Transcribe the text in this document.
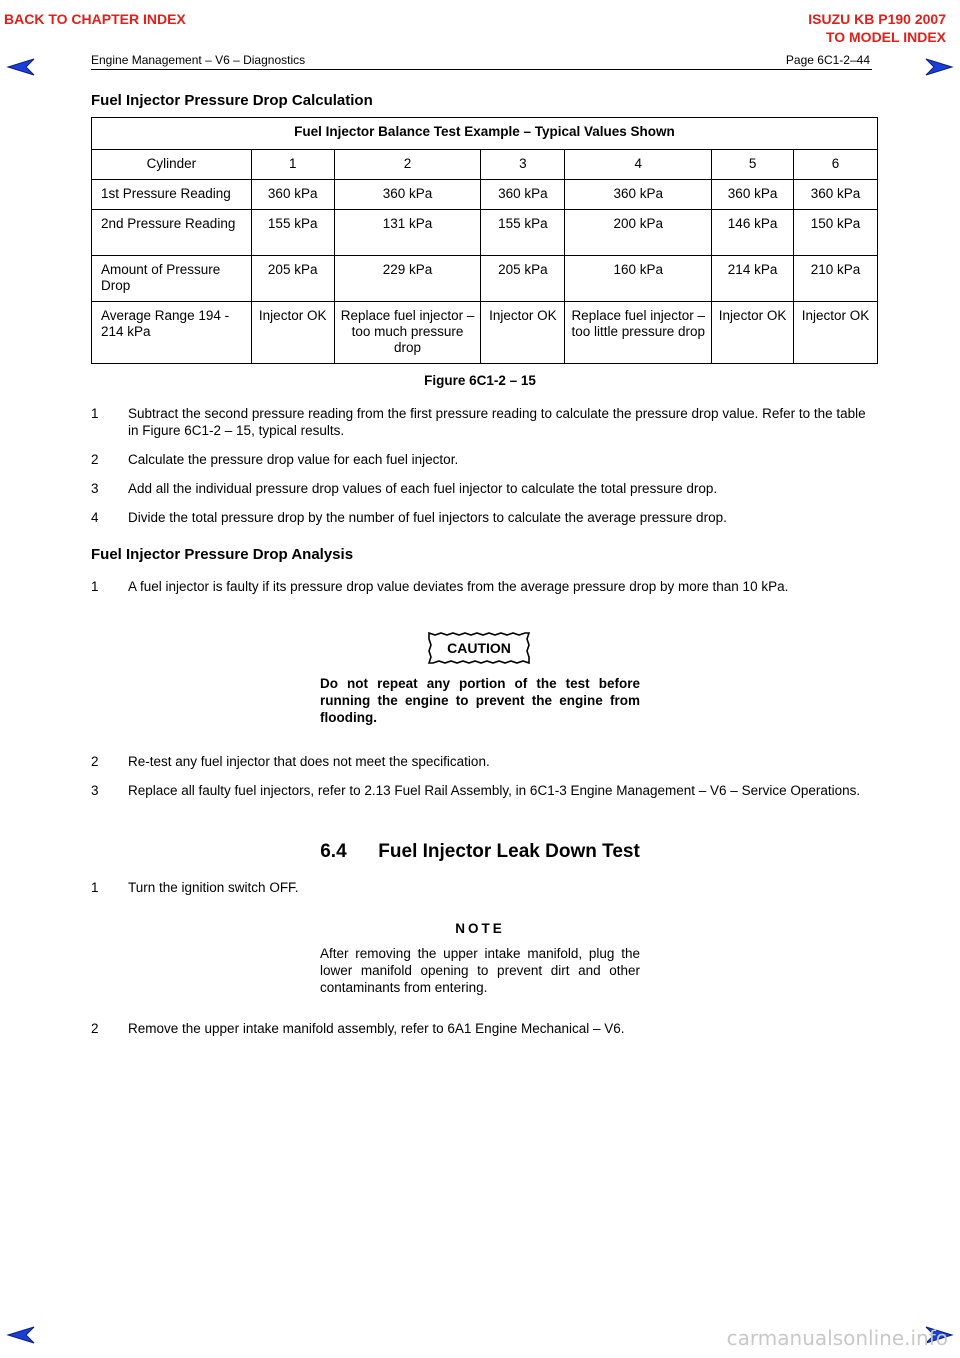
BACK TO CHAPTER INDEX	ISUZU KB P190 2007
TO MODEL INDEX
Engine Management – V6 – Diagnostics	Page 6C1-2–44
Fuel Injector Pressure Drop Calculation
Fuel Injector Balance Test Example – Typical Values Shown						
Cylinder	1	2	3	4	5	6
1st Pressure Reading	360 kPa	360 kPa	360 kPa	360 kPa	360 kPa	360 kPa
2nd Pressure Reading	155 kPa	131 kPa	155 kPa	200 kPa	146 kPa	150 kPa
Amount of Pressure Drop	205 kPa	229 kPa	205 kPa	160 kPa	214 kPa	210 kPa
Average Range 194 - 214 kPa	Injector OK	Replace fuel injector – too much pressure drop	Injector OK	Replace fuel injector – too little pressure drop	Injector OK	Injector OK
Figure 6C1-2 – 15
1 Subtract the second pressure reading from the first pressure reading to calculate the pressure drop value. Refer to the table in Figure 6C1-2 – 15, typical results.
2 Calculate the pressure drop value for each fuel injector.
3 Add all the individual pressure drop values of each fuel injector to calculate the total pressure drop.
4 Divide the total pressure drop by the number of fuel injectors to calculate the average pressure drop.
Fuel Injector Pressure Drop Analysis
1 A fuel injector is faulty if its pressure drop value deviates from the average pressure drop by more than 10 kPa.
CAUTION
Do not repeat any portion of the test before running the engine to prevent the engine from flooding.
2 Re-test any fuel injector that does not meet the specification.
3 Replace all faulty fuel injectors, refer to 2.13 Fuel Rail Assembly, in 6C1-3 Engine Management – V6 – Service Operations.
6.4      Fuel Injector Leak Down Test
1 Turn the ignition switch OFF.
NOTE
After removing the upper intake manifold, plug the lower manifold opening to prevent dirt and other contaminants from entering.
2 Remove the upper intake manifold assembly, refer to 6A1 Engine Mechanical – V6.
carmanualsonline.info
